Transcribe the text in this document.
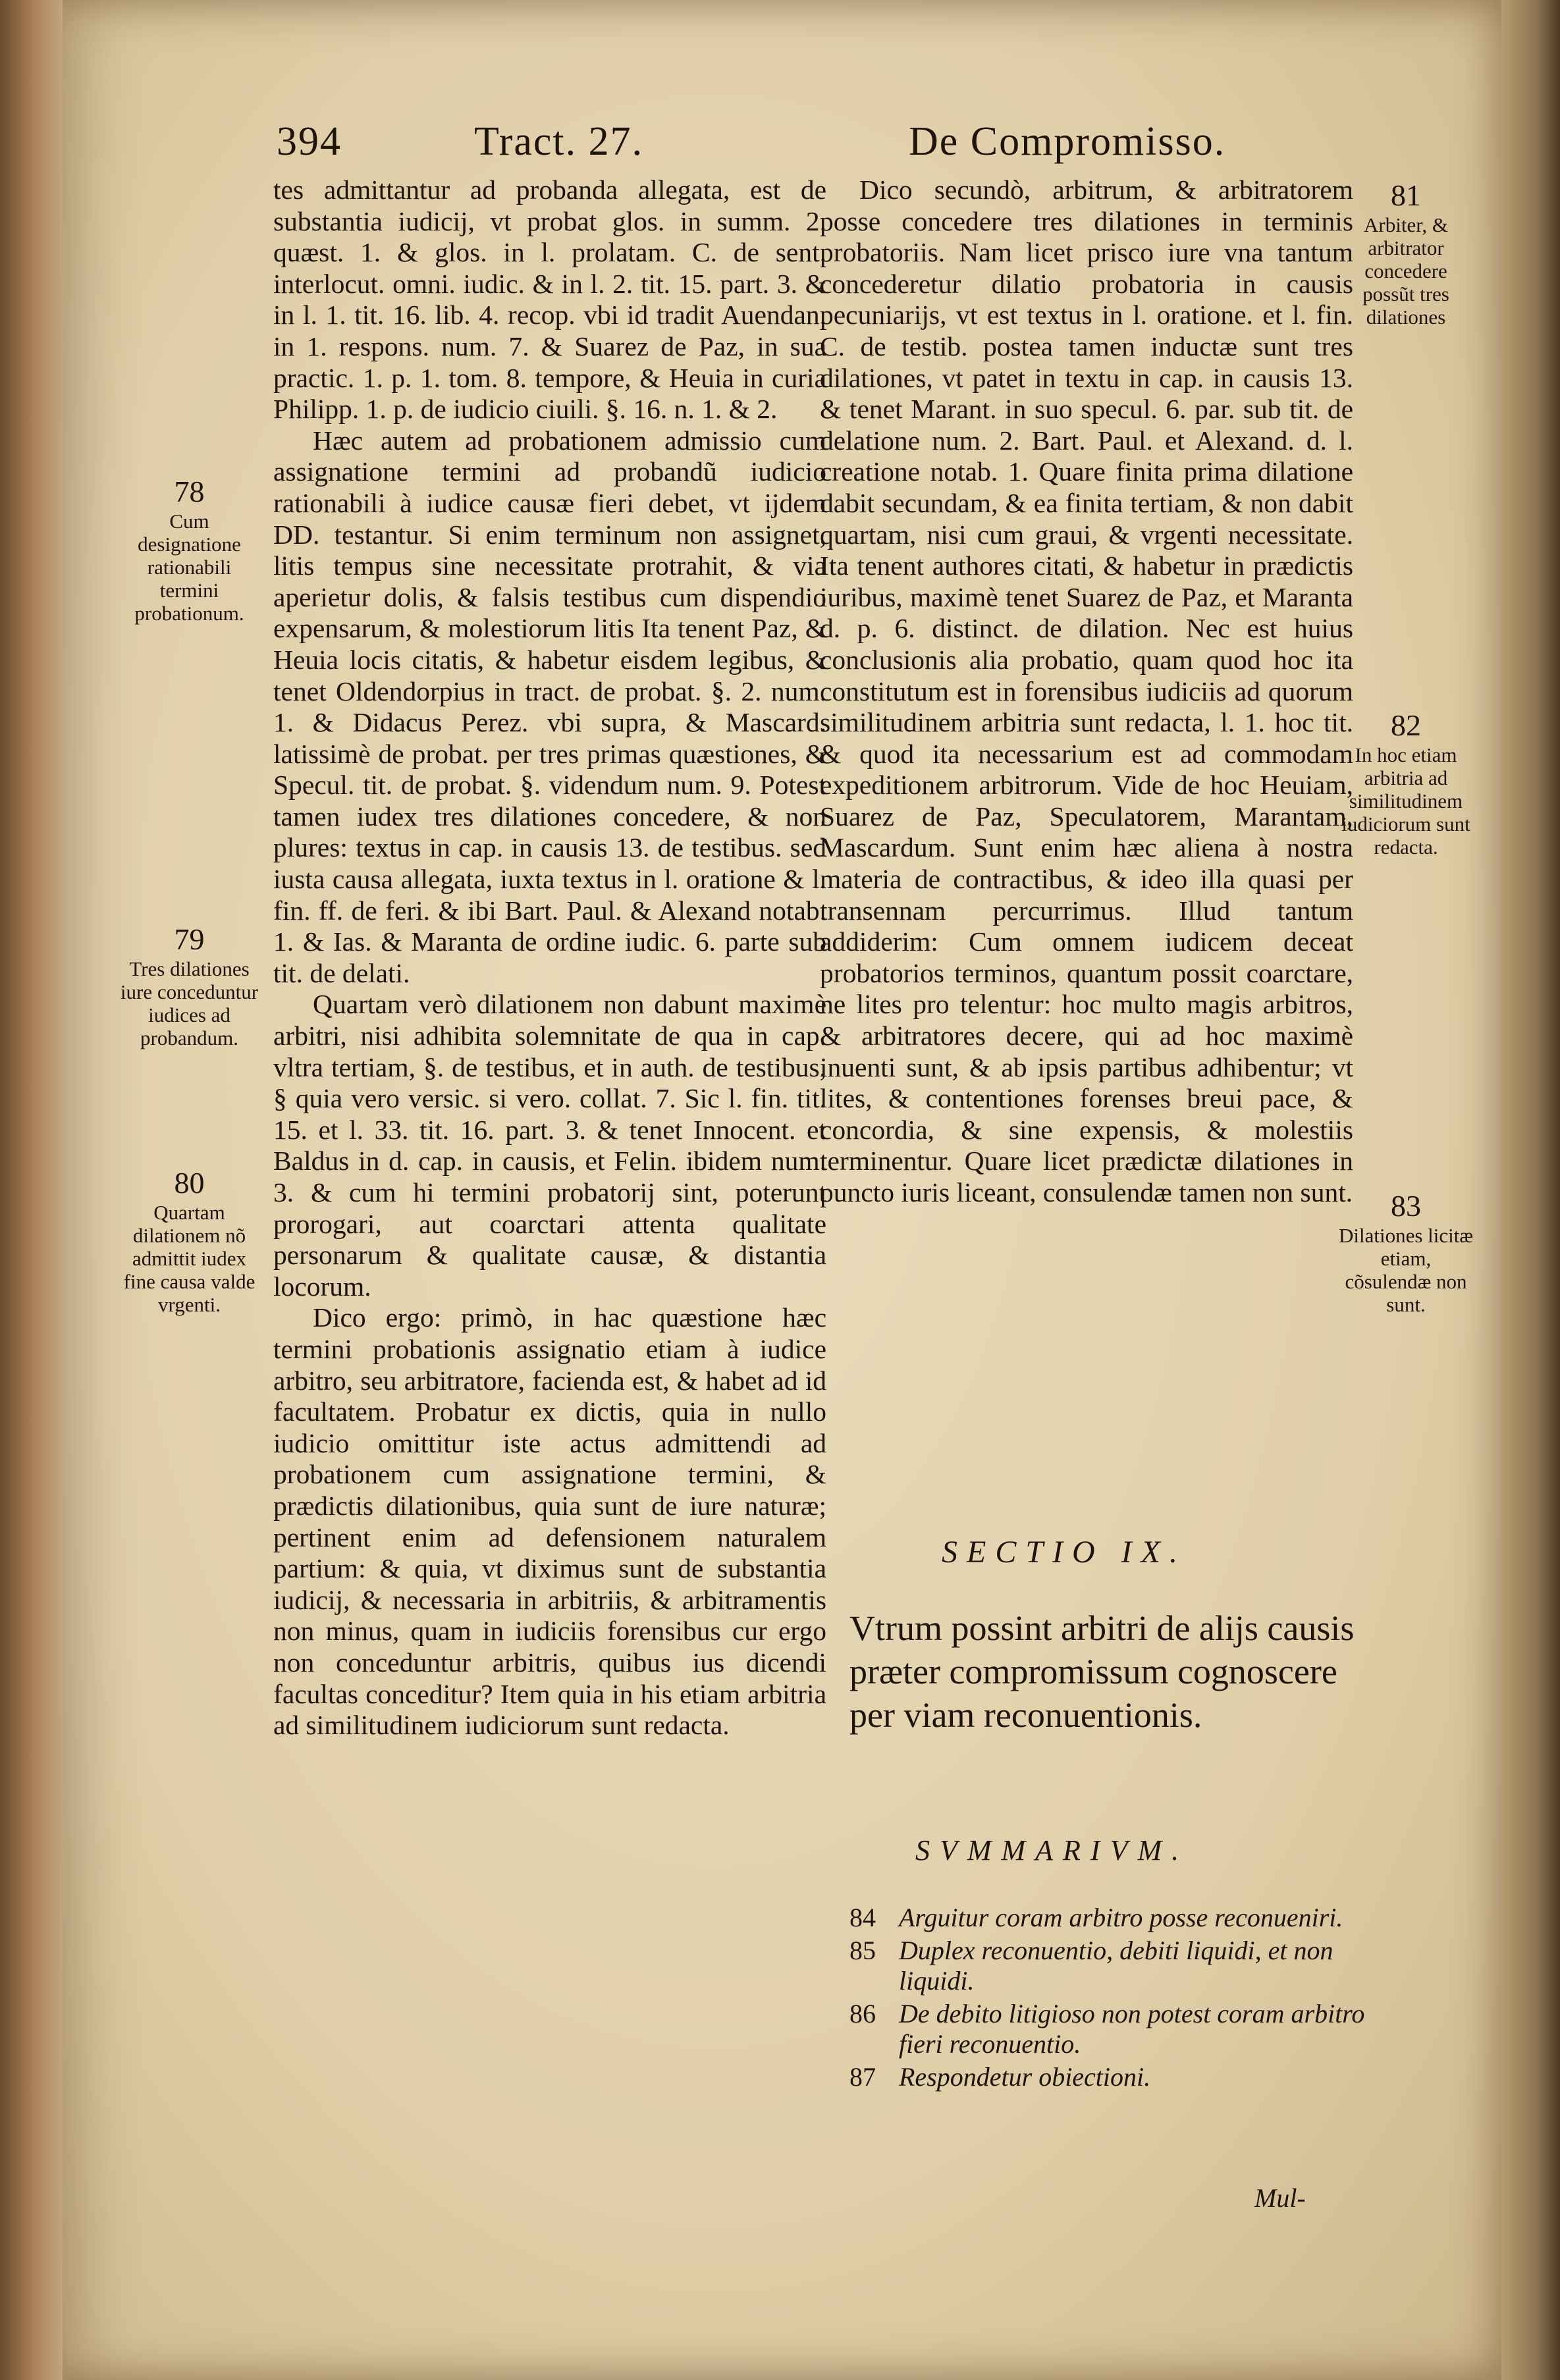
394	Tract. 27.	De Compromisso.

tes admittantur ad probanda allegata, est de substantia iudicij, vt probat glos. in summ. 2. quæst. 1. & glos. in l. prolatam. C. de sent. interlocut. omni. iudic. & in l. 2. tit. 15. part. 3. & in l. 1. tit. 16. lib. 4. recop. vbi id tradit Auendan. in 1. respons. num. 7. & Suarez de Paz, in sua practic. 1. p. 1. tom. 8. tempore, & Heuia in curia Philipp. 1. p. de iudicio ciuili. §. 16. n. 1. & 2.

Hæc autem ad probationem admissio cum assignatione termini ad probandũ iudicio rationabili à iudice causæ fieri debet, vt ijdem DD. testantur. Si enim terminum non assignet, litis tempus sine necessitate protrahit, & via aperietur dolis, & falsis testibus cum dispendio expensarum, & molestiorum litis Ita tenent Paz, & Heuia locis citatis, & habetur eisdem legibus, & tenet Oldendorpius in tract. de probat. §. 2. num. 1. & Didacus Perez. vbi supra, & Mascard. latissimè de probat. per tres primas quæstiones, & Specul. tit. de probat. §. videndum num. 9. Potest tamen iudex tres dilationes concedere, & non plures: textus in cap. in causis 13. de testibus. sed iusta causa allegata, iuxta textus in l. oratione & l. fin. ff. de feri. & ibi Bart. Paul. & Alexand notab. 1. & Ias. & Maranta de ordine iudic. 6. parte sub tit. de delati.

Quartam verò dilationem non dabunt maximè arbitri, nisi adhibita solemnitate de qua in cap. vltra tertiam, §. de testibus, et in auth. de testibus, § quia vero versic. si vero. collat. 7. Sic l. fin. tit. 15. et l. 33. tit. 16. part. 3. & tenet Innocent. et Baldus in d. cap. in causis, et Felin. ibidem num. 3. & cum hi termini probatorij sint, poterunt prorogari, aut coarctari attenta qualitate personarum & qualitate causæ, & distantia locorum.

Dico ergo: primò, in hac quæstione hæc termini probationis assignatio etiam à iudice arbitro, seu arbitratore, facienda est, & habet ad id facultatem. Probatur ex dictis, quia in nullo iudicio omittitur iste actus admittendi ad probationem cum assignatione termini, & prædictis dilationibus, quia sunt de iure naturæ; pertinent enim ad defensionem naturalem partium: & quia, vt diximus sunt de substantia iudicij, & necessaria in arbitriis, & arbitramentis non minus, quam in iudiciis forensibus cur ergo non conceduntur arbitris, quibus ius dicendi facultas conceditur? Item quia in his etiam arbitria ad similitudinem iudiciorum sunt redacta.

Dico secundò, arbitrum, & arbitratorem posse concedere tres dilationes in terminis probatoriis. Nam licet prisco iure vna tantum concederetur dilatio probatoria in causis pecuniarijs, vt est textus in l. oratione. et l. fin. C. de testib. postea tamen inductæ sunt tres dilationes, vt patet in textu in cap. in causis 13. & tenet Marant. in suo specul. 6. par. sub tit. de delatione num. 2. Bart. Paul. et Alexand. d. l. creatione notab. 1. Quare finita prima dilatione dabit secundam, & ea finita tertiam, & non dabit quartam, nisi cum graui, & vrgenti necessitate. Ita tenent authores citati, & habetur in prædictis iuribus, maximè tenet Suarez de Paz, et Maranta d. p. 6. distinct. de dilation. Nec est huius conclusionis alia probatio, quam quod hoc ita constitutum est in forensibus iudiciis ad quorum similitudinem arbitria sunt redacta, l. 1. hoc tit. & quod ita necessarium est ad commodam expeditionem arbitrorum. Vide de hoc Heuiam, Suarez de Paz, Speculatorem, Marantam, Mascardum. Sunt enim hæc aliena à nostra materia de contractibus, & ideo illa quasi per transennam percurrimus. Illud tantum addiderim: Cum omnem iudicem deceat probatorios terminos, quantum possit coarctare, ne lites pro telentur: hoc multo magis arbitros, & arbitratores decere, qui ad hoc maximè inuenti sunt, & ab ipsis partibus adhibentur; vt lites, & contentiones forenses breui pace, & concordia, & sine expensis, & molestiis terminentur. Quare licet prædictæ dilationes in puncto iuris liceant, consulendæ tamen non sunt.

78
Cum designatione rationabili termini probationum.
79
Tres dilationes iure conceduntur iudices ad probandum.
80
Quartam dilationem nõ admittit iudex fine causa valde vrgenti.
81
Arbiter, & arbitrator concedere possũt tres dilationes
82
In hoc etiam arbitria ad similitudinem iudiciorum sunt redacta.
83
Dilationes licitæ etiam, cõsulendæ non sunt.
SECTIO IX.
Vtrum possint arbitri de alijs causis præter compromissum cognoscere per viam reconuentionis.
SVMMARIVM.
84 Arguitur coram arbitro posse reconueniri.
85 Duplex reconuentio, debiti liquidi, et non liquidi.
86 De debito litigioso non potest coram arbitro fieri reconuentio.
87 Respondetur obiectioni.
Mul-
